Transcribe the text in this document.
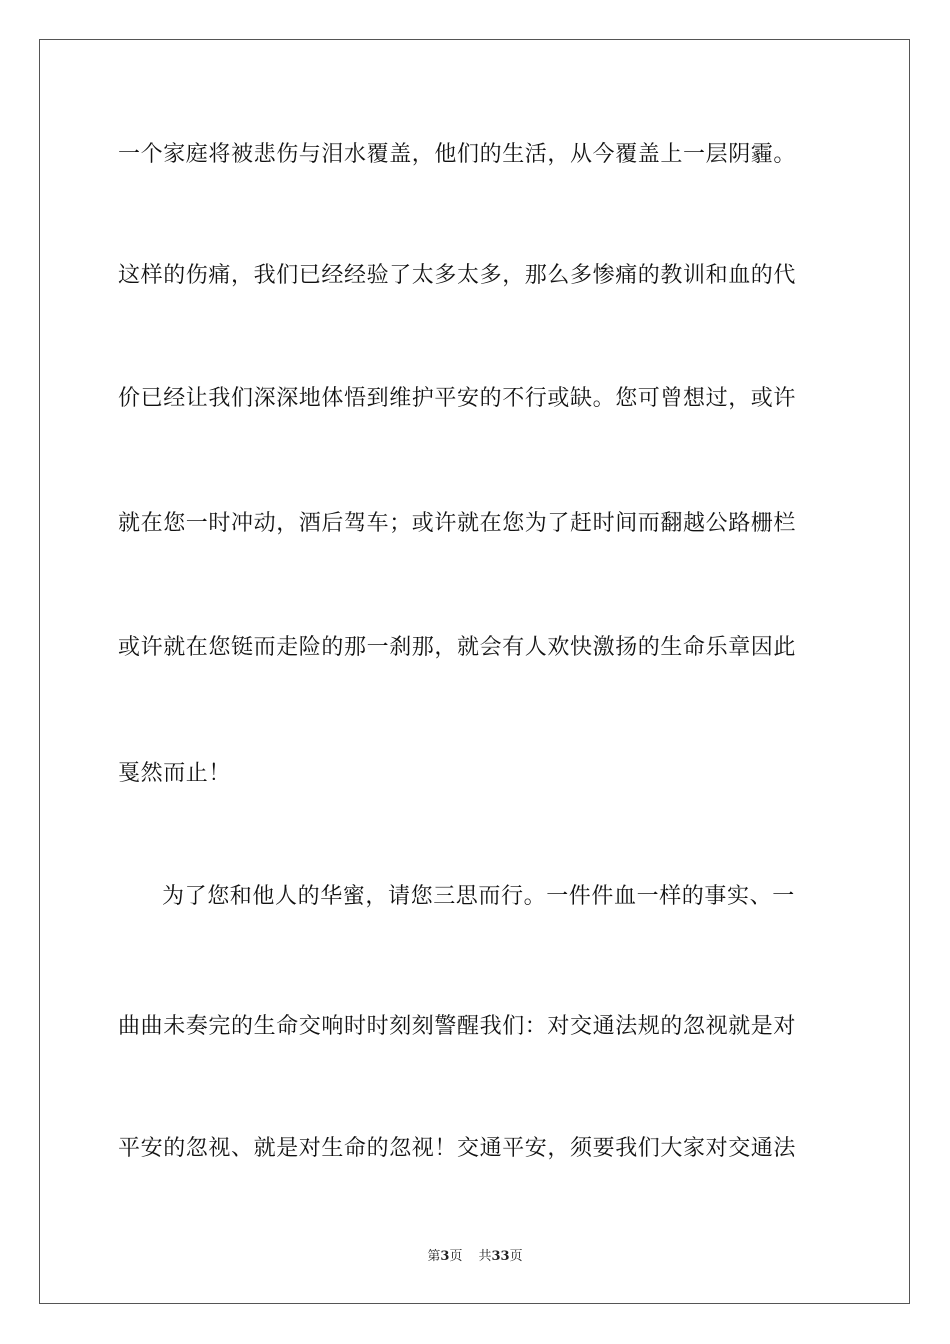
一个家庭将被悲伤与泪水覆盖，他们的生活，从今覆盖上一层阴霾。
这样的伤痛，我们已经经验了太多太多，那么多惨痛的教训和血的代
价已经让我们深深地体悟到维护平安的不行或缺。您可曾想过，或许
就在您一时冲动，酒后驾车；或许就在您为了赶时间而翻越公路栅栏
或许就在您铤而走险的那一刹那，就会有人欢快激扬的生命乐章因此
戛然而止！
为了您和他人的华蜜，请您三思而行。一件件血一样的事实、一
曲曲未奏完的生命交响时时刻刻警醒我们：对交通法规的忽视就是对
平安的忽视、就是对生命的忽视！交通平安，须要我们大家对交通法
第3页 共33页
